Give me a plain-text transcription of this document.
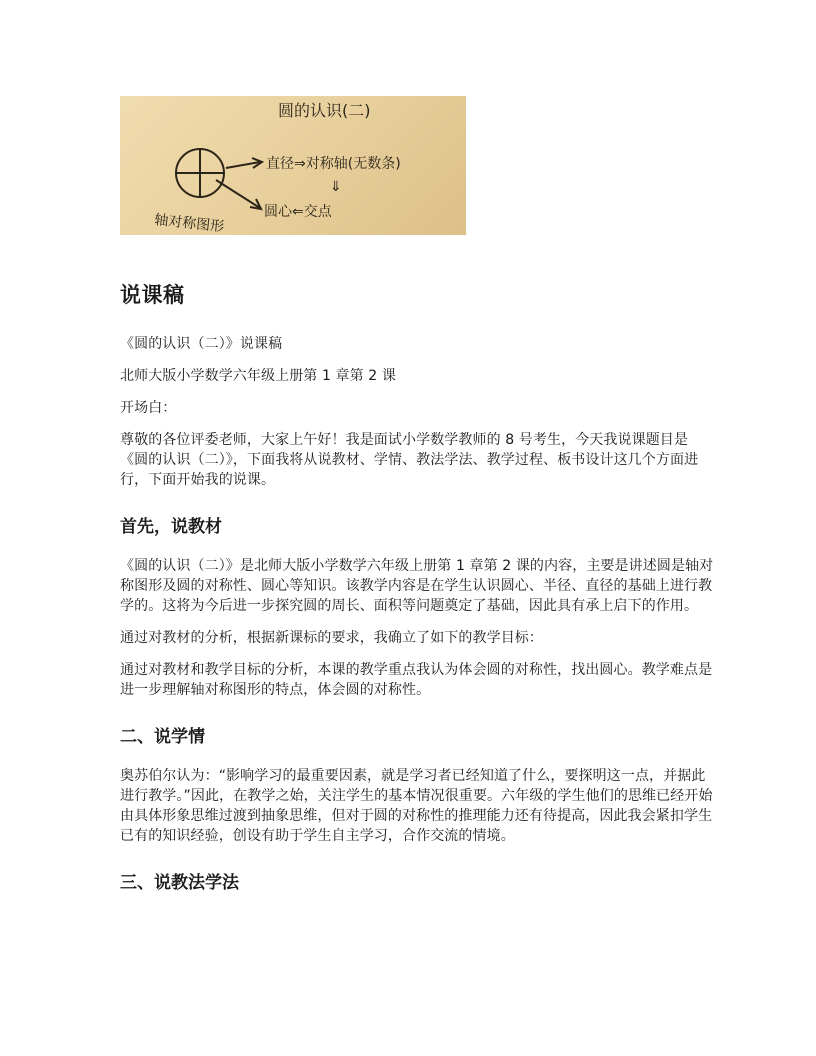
圆的认识(二)
直径⇒对称轴(无数条)
⇓
圆心⇐交点
轴对称图形
说课稿

《圆的认识（二）》说课稿

北师大版小学数学六年级上册第 1 章第 2 课

开场白：

尊敬的各位评委老师，大家上午好！我是面试小学数学教师的 8 号考生，今天我说课题目是《圆的认识（二）》，下面我将从说教材、学情、教法学法、教学过程、板书设计这几个方面进行，下面开始我的说课。

首先，说教材

《圆的认识（二）》是北师大版小学数学六年级上册第 1 章第 2 课的内容，主要是讲述圆是轴对称图形及圆的对称性、圆心等知识。该教学内容是在学生认识圆心、半径、直径的基础上进行教学的。这将为今后进一步探究圆的周长、面积等问题奠定了基础，因此具有承上启下的作用。

通过对教材的分析，根据新课标的要求，我确立了如下的教学目标：

通过对教材和教学目标的分析，本课的教学重点我认为体会圆的对称性，找出圆心。教学难点是进一步理解轴对称图形的特点，体会圆的对称性。

二、说学情

奥苏伯尔认为：“影响学习的最重要因素，就是学习者已经知道了什么，要探明这一点，并据此进行教学。”因此，在教学之始，关注学生的基本情况很重要。六年级的学生他们的思维已经开始由具体形象思维过渡到抽象思维，但对于圆的对称性的推理能力还有待提高，因此我会紧扣学生已有的知识经验，创设有助于学生自主学习，合作交流的情境。

三、说教法学法
